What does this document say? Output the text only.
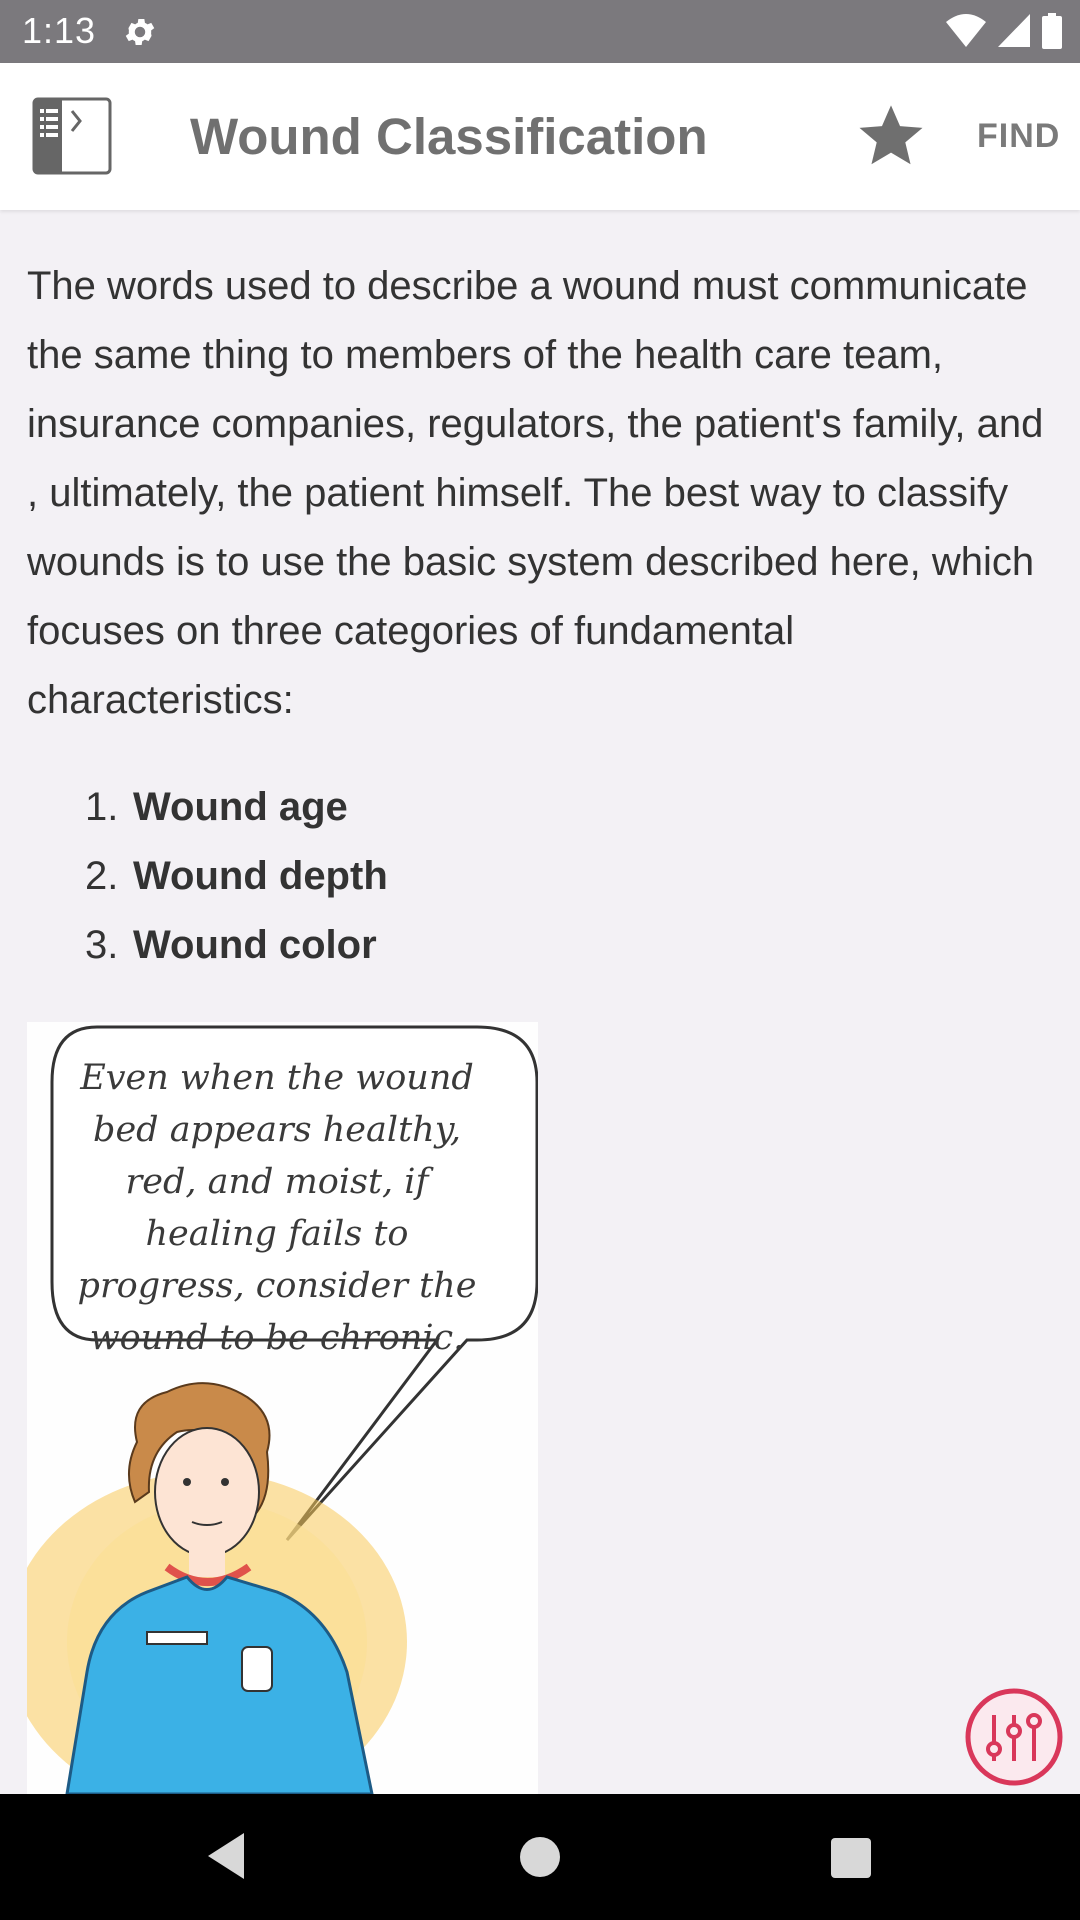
1:13
Wound Classification	FIND

The words used to describe a wound must communicate the same thing to members of the health care team, insurance companies, regulators, the patient's family, and , ultimately, the patient himself. The best way to classify wounds is to use the basic system described here, which focuses on three categories of fundamental characteristics:

1. Wound age
2. Wound depth
3. Wound color
Even when the wound bed appears healthy, red, and moist, if healing fails to progress, consider the wound to be chronic.
